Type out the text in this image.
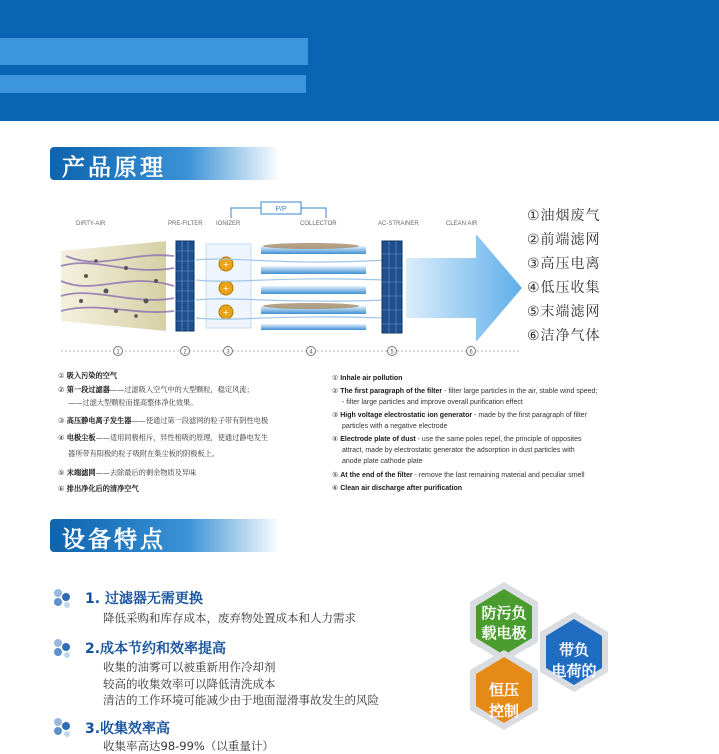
产品原理
DIRTY-AIR	PRE-FILTER IONIZER	COLLECTOR	AC-STRAINER	CLEAN AIR
P/P
+
+
+
1	2	3	4	5	6
①油烟废气
②前端滤网
③高压电离
④低压收集
⑤末端滤网
⑥洁净气体
① 吸入污染的空气
② 第一段过滤器——过滤吸入空气中的大型颗粒，稳定风流；
——过滤大型颗粒而提高整体净化效果。
③ 高压静电离子发生器——使通过第一段滤网的粒子带有阴性电极
④ 电极尘板——适用同极相斥，异性相吸的原理，使通过静电发生
器所带有阳极的粒子吸附在集尘板的阴极板上。
⑤ 末端滤网——去除最后的剩余物质及异味
⑥ 排出净化后的清净空气
① Inhale air pollution
② The first paragraph of the filter - filter large particles in the air, stable wind speed;
- filter large particles and improve overall purification effect
③ High voltage electrostatic ion generator - made by the first paragraph of filter
particles with a negative electrode
④ Electrode plate of dust - use the same poles repel, the principle of opposites
attract, made by electrostatic generator the adsorption in dust particles with
anode plate cathode plate
⑤ At the end of the filter - remove the last remaining material and peculiar smell
⑥ Clean air discharge after purification
设备特点
1. 过滤器无需更换
降低采购和库存成本，废弃物处置成本和人力需求
2.成本节约和效率提高
收集的油雾可以被重新用作冷却剂
较高的收集效率可以降低清洗成本
清洁的工作环境可能减少由于地面湿滑事故发生的风险
3.收集效率高
收集率高达98-99%（以重量计）
防污负
载电极
带负
电荷的
恒压
控制
